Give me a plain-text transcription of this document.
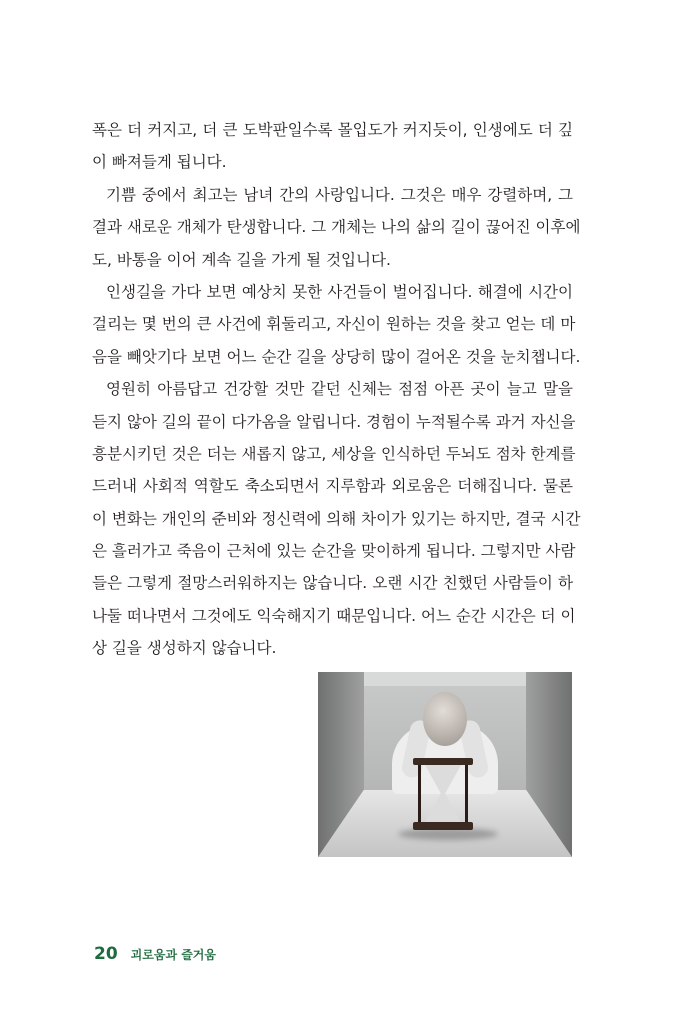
폭은 더 커지고, 더 큰 도박판일수록 몰입도가 커지듯이, 인생에도 더 깊
이 빠져들게 됩니다.
기쁨 중에서 최고는 남녀 간의 사랑입니다. 그것은 매우 강렬하며, 그
결과 새로운 개체가 탄생합니다. 그 개체는 나의 삶의 길이 끊어진 이후에
도, 바통을 이어 계속 길을 가게 될 것입니다.
인생길을 가다 보면 예상치 못한 사건들이 벌어집니다. 해결에 시간이
걸리는 몇 번의 큰 사건에 휘둘리고, 자신이 원하는 것을 찾고 얻는 데 마
음을 빼앗기다 보면 어느 순간 길을 상당히 많이 걸어온 것을 눈치챕니다.
영원히 아름답고 건강할 것만 같던 신체는 점점 아픈 곳이 늘고 말을
듣지 않아 길의 끝이 다가옴을 알립니다. 경험이 누적될수록 과거 자신을
흥분시키던 것은 더는 새롭지 않고, 세상을 인식하던 두뇌도 점차 한계를
드러내 사회적 역할도 축소되면서 지루함과 외로움은 더해집니다. 물론
이 변화는 개인의 준비와 정신력에 의해 차이가 있기는 하지만, 결국 시간
은 흘러가고 죽음이 근처에 있는 순간을 맞이하게 됩니다. 그렇지만 사람
들은 그렇게 절망스러워하지는 않습니다. 오랜 시간 친했던 사람들이 하
나둘 떠나면서 그것에도 익숙해지기 때문입니다. 어느 순간 시간은 더 이
상 길을 생성하지 않습니다.
20 괴로움과 즐거움
